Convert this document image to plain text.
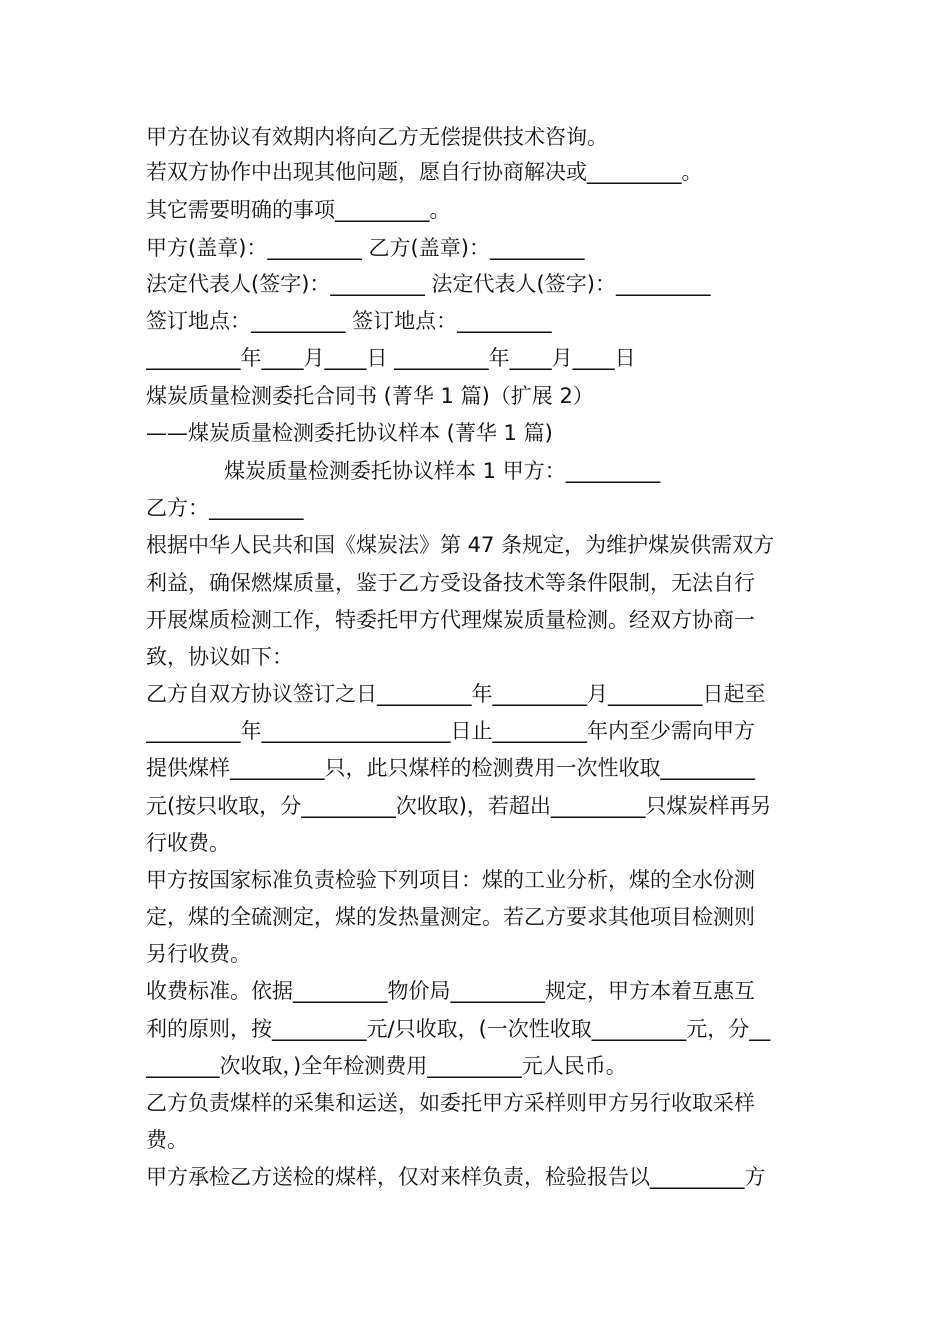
甲方在协议有效期内将向乙方无偿提供技术咨询。
若双方协作中出现其他问题，愿自行协商解决或_________。
其它需要明确的事项_________。
甲方(盖章)：_________ 乙方(盖章)：_________
法定代表人(签字)：_________ 法定代表人(签字)：_________
签订地点：_________ 签订地点：_________
_________年____月____日 _________年____月____日
煤炭质量检测委托合同书 (菁华 1 篇)（扩展 2）
——煤炭质量检测委托协议样本 (菁华 1 篇)
煤炭质量检测委托协议样本 1 甲方：_________
乙方：_________
根据中华人民共和国《煤炭法》第 47 条规定，为维护煤炭供需双方
利益，确保燃煤质量，鉴于乙方受设备技术等条件限制，无法自行
开展煤质检测工作，特委托甲方代理煤炭质量检测。经双方协商一
致，协议如下：
乙方自双方协议签订之日_________年_________月_________日起至
_________年__________________日止_________年内至少需向甲方
提供煤样_________只，此只煤样的检测费用一次性收取_________
元(按只收取，分_________次收取)，若超出_________只煤炭样再另
行收费。
甲方按国家标准负责检验下列项目：煤的工业分析，煤的全水份测
定，煤的全硫测定，煤的发热量测定。若乙方要求其他项目检测则
另行收费。
收费标准。依据_________物价局_________规定，甲方本着互惠互
利的原则，按_________元/只收取，(一次性收取_________元，分__
_______次收取，)全年检测费用_________元人民币。
乙方负责煤样的采集和运送，如委托甲方采样则甲方另行收取采样
费。
甲方承检乙方送检的煤样，仅对来样负责，检验报告以_________方
